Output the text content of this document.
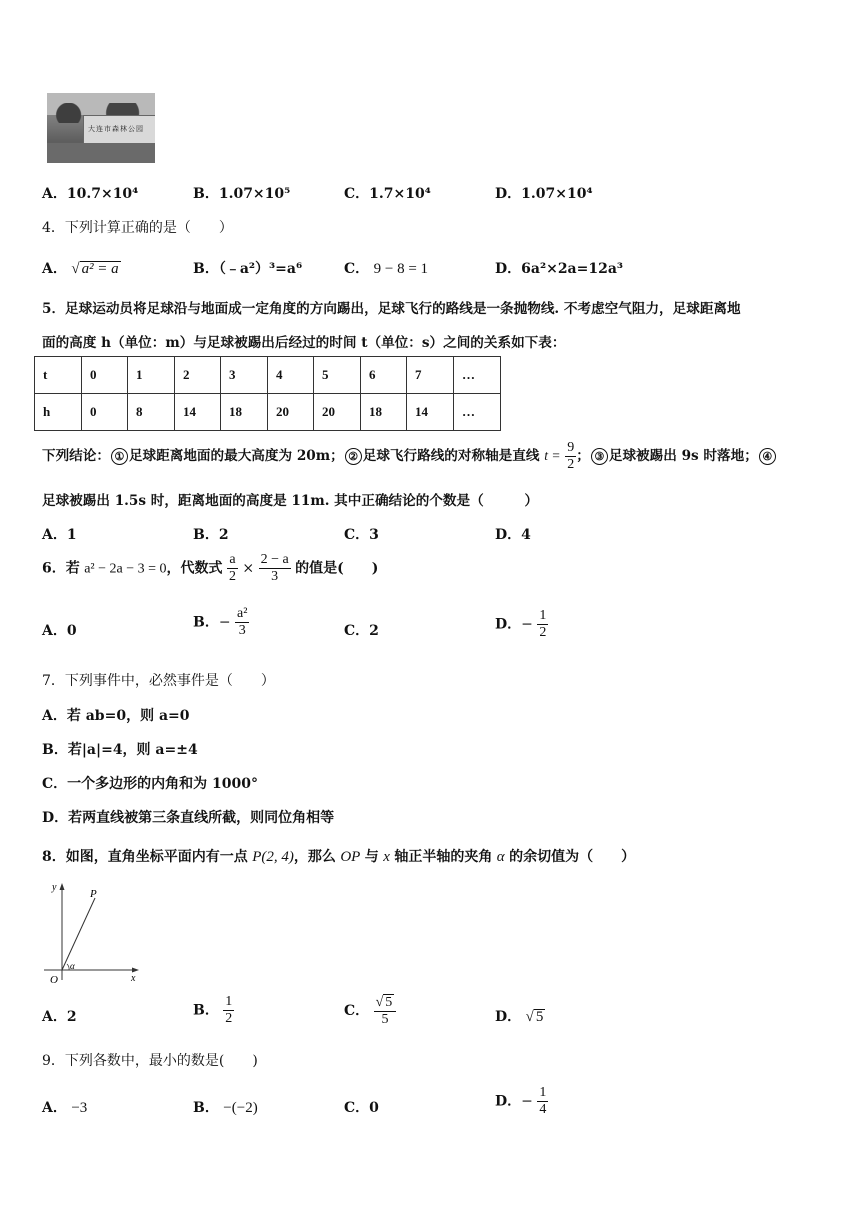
大连市森林公园
A．10.7×10⁴	B．1.07×10⁵	C．1.7×10⁴	D．1.07×10⁴
4．下列计算正确的是（　　）
A． √ a² = a	B．（﹣a²）³=a⁶	C． 9 − 8 = 1	D．6a²×2a=12a³
5．足球运动员将足球沿与地面成一定角度的方向踢出，足球飞行的路线是一条抛物线. 不考虑空气阻力，足球距离地
面的高度 h（单位：m）与足球被踢出后经过的时间 t（单位：s）之间的关系如下表：
t	0	1	2	3	4	5	6	7	…
h	0	8	14	18	20	20	18	14	…
下列结论： ① 足球距离地面的最大高度为 20m； ② 足球飞行路线的对称轴是直线 $t = \frac{9}{2}$ ； ③ 足球被踢出 9s 时落地； ④
足球被踢出 1.5s 时，距离地面的高度是 11m. 其中正确结论的个数是（　　　）
A．1	B．2	C．3	D．4
6．若 a² − 2a − 3 = 0，代数式 $\frac{a}{2} \times \frac{2 - a}{3}$ 的值是(　　)
A．0
B．− $\frac{\text{a²}}{3}$	C．2	D．− $\frac{1}{2}$
7．下列事件中，必然事件是（　　）
A．若 ab=0，则 a=0
B．若|a|=4，则 a=±4
C．一个多边形的内角和为 1000°
D．若两直线被第三条直线所截，则同位角相等
8．如图，直角坐标平面内有一点 P(2, 4)，那么 OP 与 x 轴正半轴的夹角 α 的余切值为（　　）
y
P
O	x
α
A．2	B． $\frac{1}{2}$	C． $\frac{√ 5}{5}$	D． √ 5
9．下列各数中，最小的数是(　　)
A． −3	B． −(−2)	C．0	D．− $\frac{1}{4}$
